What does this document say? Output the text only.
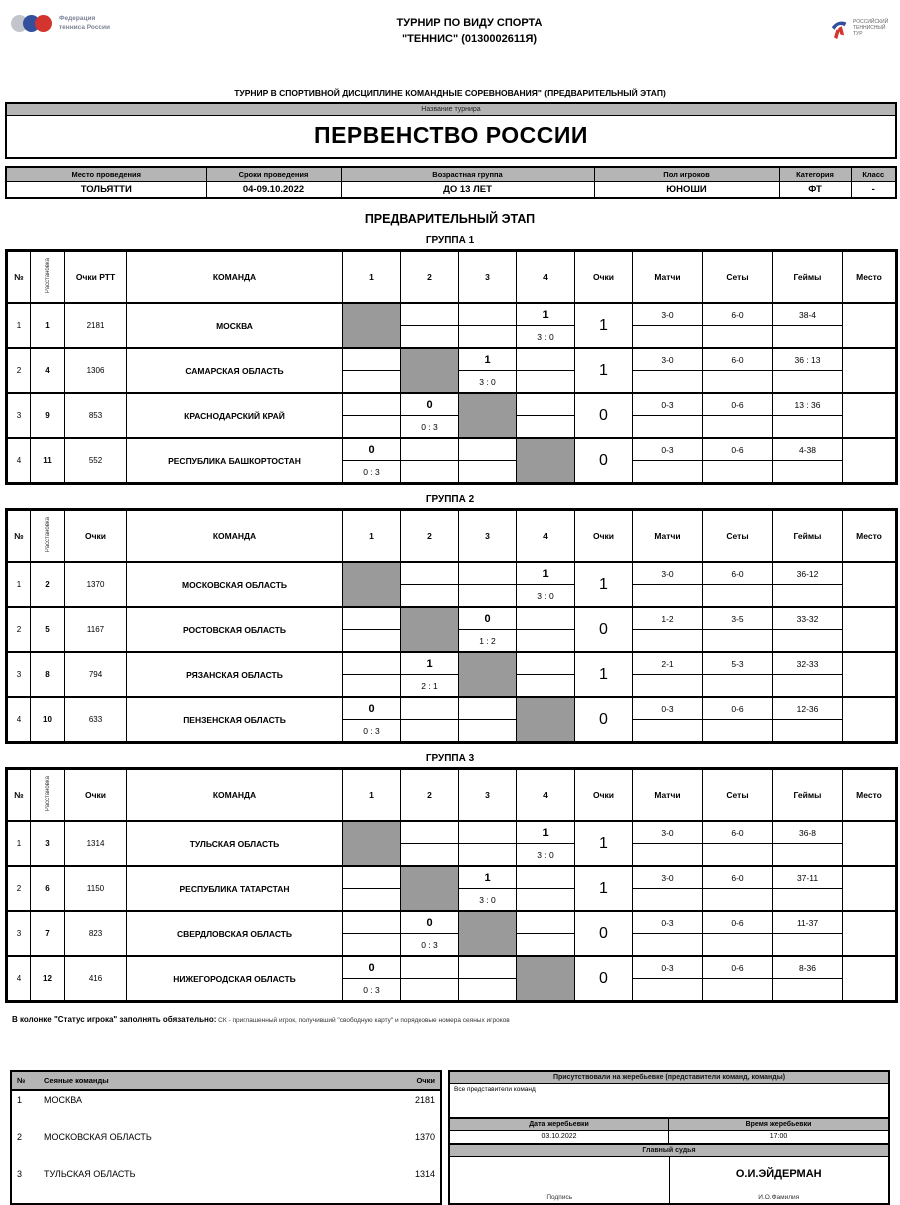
Федерация
тенниса России	ТУРНИР ПО ВИДУ СПОРТА
"ТЕННИС" (0130002611Я)
РОССИЙСКИЙ
ТЕННИСНЫЙ
ТУР
ТУРНИР В СПОРТИВНОЙ ДИСЦИПЛИНЕ КОМАНДНЫЕ СОРЕВНОВАНИЯ" (ПРЕДВАРИТЕЛЬНЫЙ ЭТАП)
Название турнира
ПЕРВЕНСТВО РОССИИ
Место проведения	Сроки проведения	Возрастная группа	Пол игроков	Категория	Класс
ТОЛЬЯТТИ	04-09.10.2022	ДО 13 ЛЕТ	ЮНОШИ	ФТ	-
ПРЕДВАРИТЕЛЬНЫЙ ЭТАП
ГРУППА 1
№	Расстановка	Очки РТТ	КОМАНДА	1	2	3	4	Очки	Матчи	Сеты	Геймы	Место
1	1	2181	МОСКВА				1	1	3-0	6-0	38-4	
							3 : 0					
2	4	1306	САМАРСКАЯ ОБЛАСТЬ			1		1	3-0	6-0	36 : 13	
						3 : 0						
3	9	853	КРАСНОДАРСКИЙ КРАЙ		0			0	0-3	0-6	13 : 36	
					0 : 3							
4	11	552	РЕСПУБЛИКА БАШКОРТОСТАН	0				0	0-3	0-6	4-38	
				0 : 3								
ГРУППА 2
№	Расстановка	Очки	КОМАНДА	1	2	3	4	Очки	Матчи	Сеты	Геймы	Место
1	2	1370	МОСКОВСКАЯ ОБЛАСТЬ				1	1	3-0	6-0	36-12	
							3 : 0					
2	5	1167	РОСТОВСКАЯ ОБЛАСТЬ			0		0	1-2	3-5	33-32	
						1 : 2						
3	8	794	РЯЗАНСКАЯ ОБЛАСТЬ		1			1	2-1	5-3	32-33	
					2 : 1							
4	10	633	ПЕНЗЕНСКАЯ ОБЛАСТЬ	0				0	0-3	0-6	12-36	
				0 : 3								
ГРУППА 3
№	Расстановка	Очки	КОМАНДА	1	2	3	4	Очки	Матчи	Сеты	Геймы	Место
1	3	1314	ТУЛЬСКАЯ ОБЛАСТЬ				1	1	3-0	6-0	36-8	
							3 : 0					
2	6	1150	РЕСПУБЛИКА ТАТАРСТАН			1		1	3-0	6-0	37-11	
						3 : 0						
3	7	823	СВЕРДЛОВСКАЯ ОБЛАСТЬ		0			0	0-3	0-6	11-37	
					0 : 3							
4	12	416	НИЖЕГОРОДСКАЯ ОБЛАСТЬ	0				0	0-3	0-6	8-36	
				0 : 3								
В колонке "Статус игрока" заполнять обязательно: СК - приглашенный игрок, получивший "свободную карту" и порядковые номера сеяных игроков
№	Сеяные команды	Очки
1	МОСКВА	2181
2	МОСКОВСКАЯ ОБЛАСТЬ	1370
3	ТУЛЬСКАЯ ОБЛАСТЬ	1314
Присутствовали на жеребьевке (представители команд, команды)
Все представители команд
Дата жеребьевки	Время жеребьевки
03.10.2022	17:00
Главный судья
Подпись
О.И.ЭЙДЕРМАН
И.О.Фамилия
